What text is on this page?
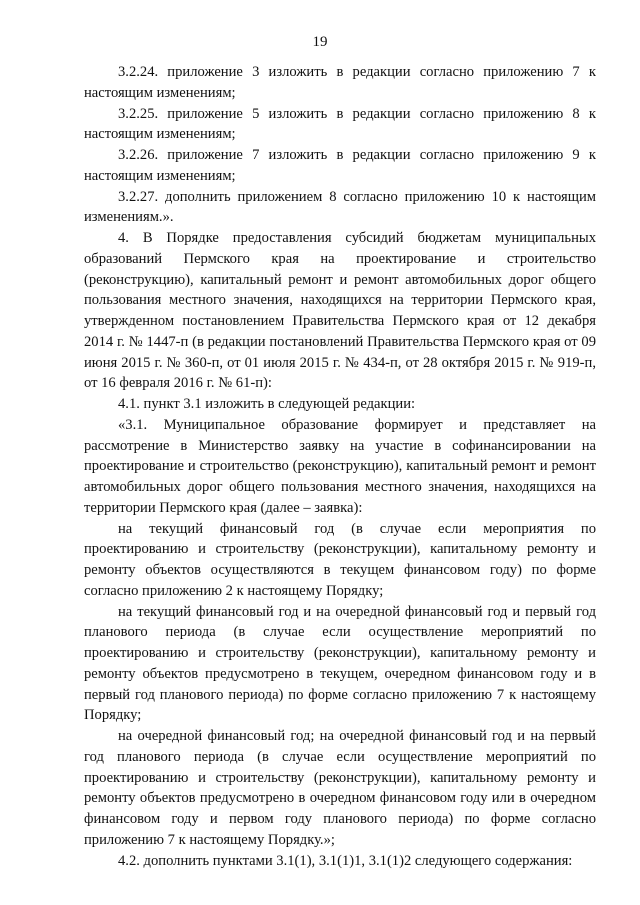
19

3.2.24. приложение 3 изложить в редакции согласно приложению 7 к настоящим изменениям;

3.2.25. приложение 5 изложить в редакции согласно приложению 8 к настоящим изменениям;

3.2.26. приложение 7 изложить в редакции согласно приложению 9 к настоящим изменениям;

3.2.27. дополнить приложением 8 согласно приложению 10 к настоящим изменениям.».

4. В Порядке предоставления субсидий бюджетам муниципальных образований Пермского края на проектирование и строительство (реконструкцию), капитальный ремонт и ремонт автомобильных дорог общего пользования местного значения, находящихся на территории Пермского края, утвержденном постановлением Правительства Пермского края от 12 декабря 2014 г. № 1447-п (в редакции постановлений Правительства Пермского края от 09 июня 2015 г. № 360-п, от 01 июля 2015 г. № 434-п, от 28 октября 2015 г. № 919-п, от 16 февраля 2016 г. № 61-п):

4.1. пункт 3.1 изложить в следующей редакции:

«3.1. Муниципальное образование формирует и представляет на рассмотрение в Министерство заявку на участие в софинансировании на проектирование и строительство (реконструкцию), капитальный ремонт и ремонт автомобильных дорог общего пользования местного значения, находящихся на территории Пермского края (далее – заявка):

на текущий финансовый год (в случае если мероприятия по проектированию и строительству (реконструкции), капитальному ремонту и ремонту объектов осуществляются в текущем финансовом году) по форме согласно приложению 2 к настоящему Порядку;

на текущий финансовый год и на очередной финансовый год и первый год планового периода (в случае если осуществление мероприятий по проектированию и строительству (реконструкции), капитальному ремонту и ремонту объектов предусмотрено в текущем, очередном финансовом году и в первый год планового периода) по форме согласно приложению 7 к настоящему Порядку;

на очередной финансовый год; на очередной финансовый год и на первый год планового периода (в случае если осуществление мероприятий по проектированию и строительству (реконструкции), капитальному ремонту и ремонту объектов предусмотрено в очередном финансовом году или в очередном финансовом году и первом году планового периода) по форме согласно приложению 7 к настоящему Порядку.»;

4.2. дополнить пунктами 3.1(1), 3.1(1)1, 3.1(1)2 следующего содержания:
